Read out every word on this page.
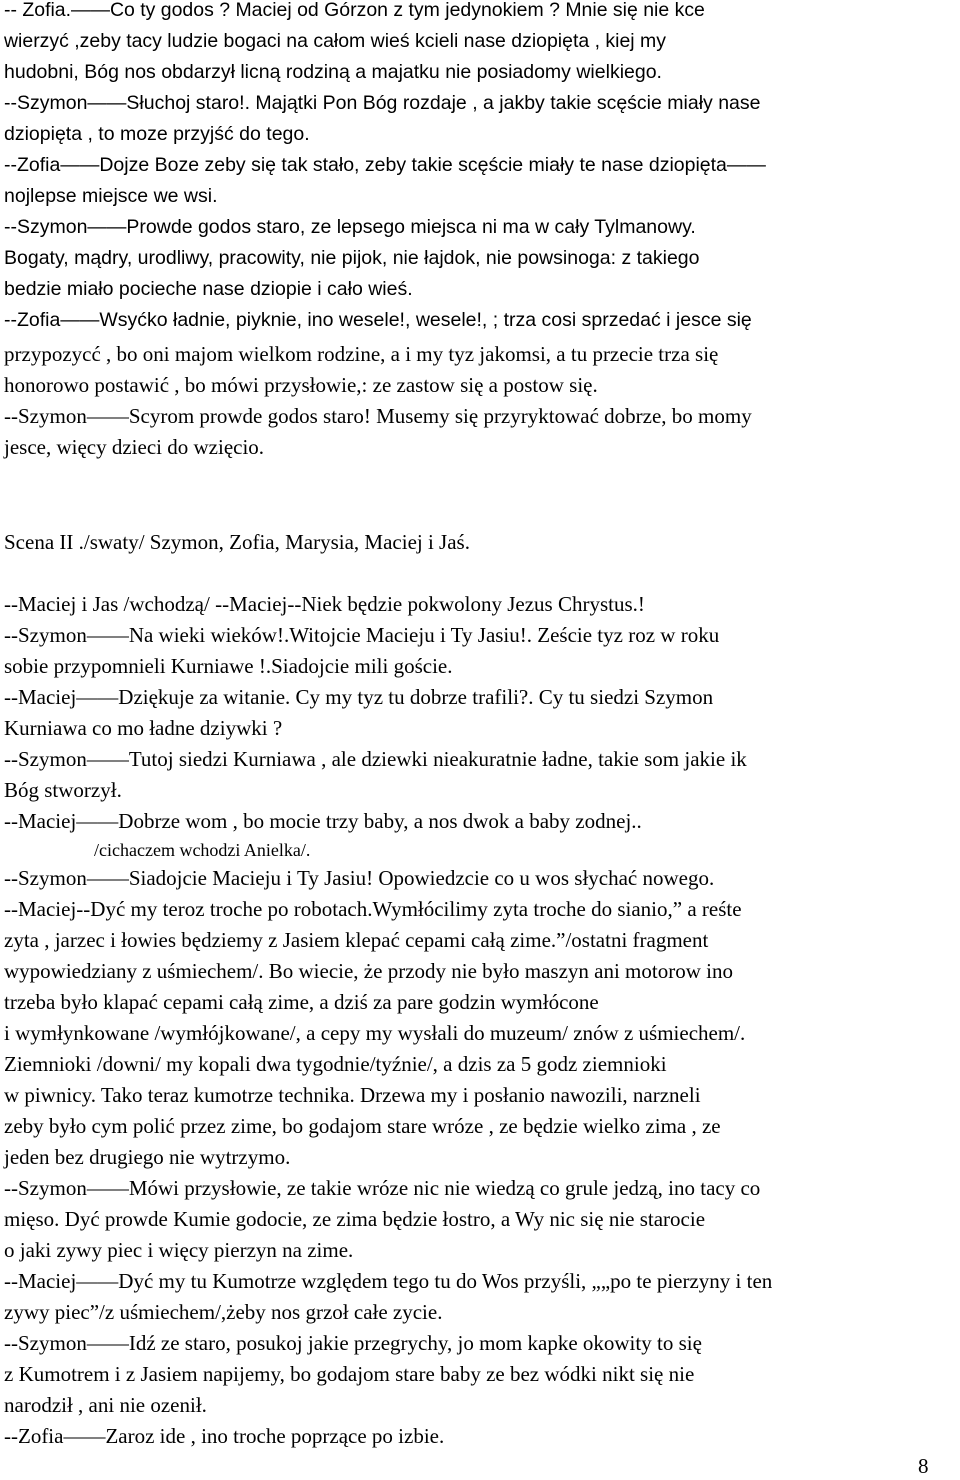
-- Zofia.——Co ty godos ? Maciej od Górzon z tym jedynokiem ? Mnie się nie kce
wierzyć ,zeby tacy ludzie bogaci na całom wieś kcieli nase dziopięta , kiej my
hudobni, Bóg nos obdarzył licną rodziną a majatku nie posiadomy wielkiego.
--Szymon——Słuchoj staro!. Majątki Pon Bóg rozdaje , a jakby takie scęście miały nase
dziopięta , to moze przyjść do tego.
--Zofia——Dojze Boze zeby się tak stało, zeby takie scęście miały te nase dziopięta——
nojlepse miejsce we wsi.
--Szymon——Prowde godos staro, ze lepsego miejsca ni ma w cały Tylmanowy.
Bogaty, mądry, urodliwy, pracowity, nie pijok, nie łajdok, nie powsinoga: z takiego
bedzie miało pocieche nase dziopie i cało wieś.
--Zofia——Wsyćko ładnie, piyknie, ino wesele!, wesele!, ; trza cosi sprzedać i jesce się
przypozycć , bo oni majom wielkom rodzine, a i my tyz jakomsi, a tu przecie trza się
honorowo postawić , bo mówi przysłowie,: ze zastow się a postow się.
--Szymon——Scyrom prowde godos staro! Musemy się przyryktować dobrze, bo momy
jesce, więcy dzieci do wzięcio.
Scena II ./swaty/ Szymon, Zofia, Marysia, Maciej i Jaś.
--Maciej i Jas /wchodzą/ --Maciej--Niek będzie pokwolony Jezus Chrystus.!
--Szymon——Na wieki wieków!.Witojcie Macieju i Ty Jasiu!. Zeście tyz roz w roku
sobie przypomnieli Kurniawe !.Siadojcie mili goście.
--Maciej——Dziękuje za witanie. Cy my tyz tu dobrze trafili?. Cy tu siedzi Szymon
Kurniawa co mo ładne dziywki ?
--Szymon——Tutoj siedzi Kurniawa , ale dziewki nieakuratnie ładne, takie som jakie ik
Bóg stworzył.
--Maciej——Dobrze wom , bo mocie trzy baby, a nos dwok a baby zodnej..
/cichaczem wchodzi Anielka/.
--Szymon——Siadojcie Macieju i Ty Jasiu! Opowiedzcie co u wos słychać nowego.
--Maciej--Dyć my teroz troche po robotach.Wymłócilimy zyta troche do sianio,” a reśte
zyta , jarzec i łowies będziemy z Jasiem klepać cepami całą zime.”/ostatni fragment
wypowiedziany z uśmiechem/. Bo wiecie, że przody nie było maszyn ani motorow ino
trzeba było klapać cepami całą zime, a dziś za pare godzin wymłócone
i wymłynkowane /wymłójkowane/, a cepy my wysłali do muzeum/ znów z uśmiechem/.
Ziemnioki /downi/ my kopali dwa tygodnie/tyźnie/, a dzis za 5 godz ziemnioki
w piwnicy. Tako teraz kumotrze technika. Drzewa my i posłanio nawozili, narzneli
zeby było cym polić przez zime, bo godajom stare wróze , ze będzie wielko zima , ze
jeden bez drugiego nie wytrzymo.
--Szymon——Mówi przysłowie, ze takie wróze nic nie wiedzą co grule jedzą, ino tacy co
mięso. Dyć prowde Kumie godocie, ze zima będzie łostro, a Wy nic się nie starocie
o jaki zywy piec i więcy pierzyn na zime.
--Maciej——Dyć my tu Kumotrze względem tego tu do Wos przyśli, „„po te pierzyny i ten
zywy piec”/z uśmiechem/,żeby nos grzoł całe zycie.
--Szymon——Idź ze staro, posukoj jakie przegrychy, jo mom kapke okowity to się
z Kumotrem i z Jasiem napijemy, bo godajom stare baby ze bez wódki nikt się nie
narodził , ani nie ozenił.
--Zofia——Zaroz ide , ino troche poprzące po izbie.
8
